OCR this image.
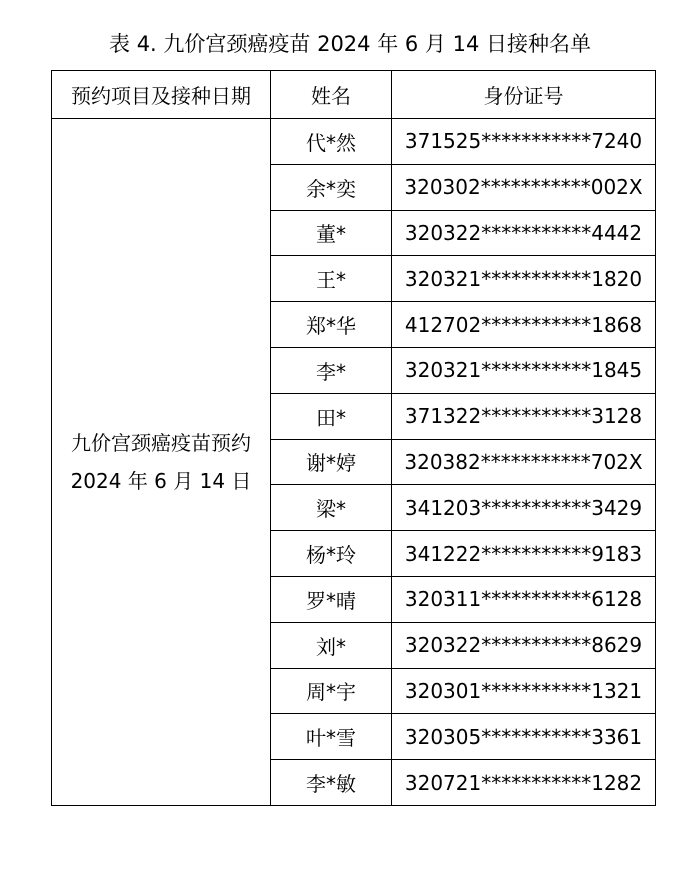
表 4. 九价宫颈癌疫苗 2024 年 6 月 14 日接种名单
预约项目及接种日期	姓名	身份证号

九价宫颈癌疫苗预约
2024 年 6 月 14 日	代*然	371525***********7240
	余*奕	320302***********002X
	董*	320322***********4442
	王*	320321***********1820
	郑*华	412702***********1868
	李*	320321***********1845
	田*	371322***********3128
	谢*婷	320382***********702X
	梁*	341203***********3429
	杨*玲	341222***********9183
	罗*晴	320311***********6128
	刘*	320322***********8629
	周*宇	320301***********1321
	叶*雪	320305***********3361
	李*敏	320721***********1282
